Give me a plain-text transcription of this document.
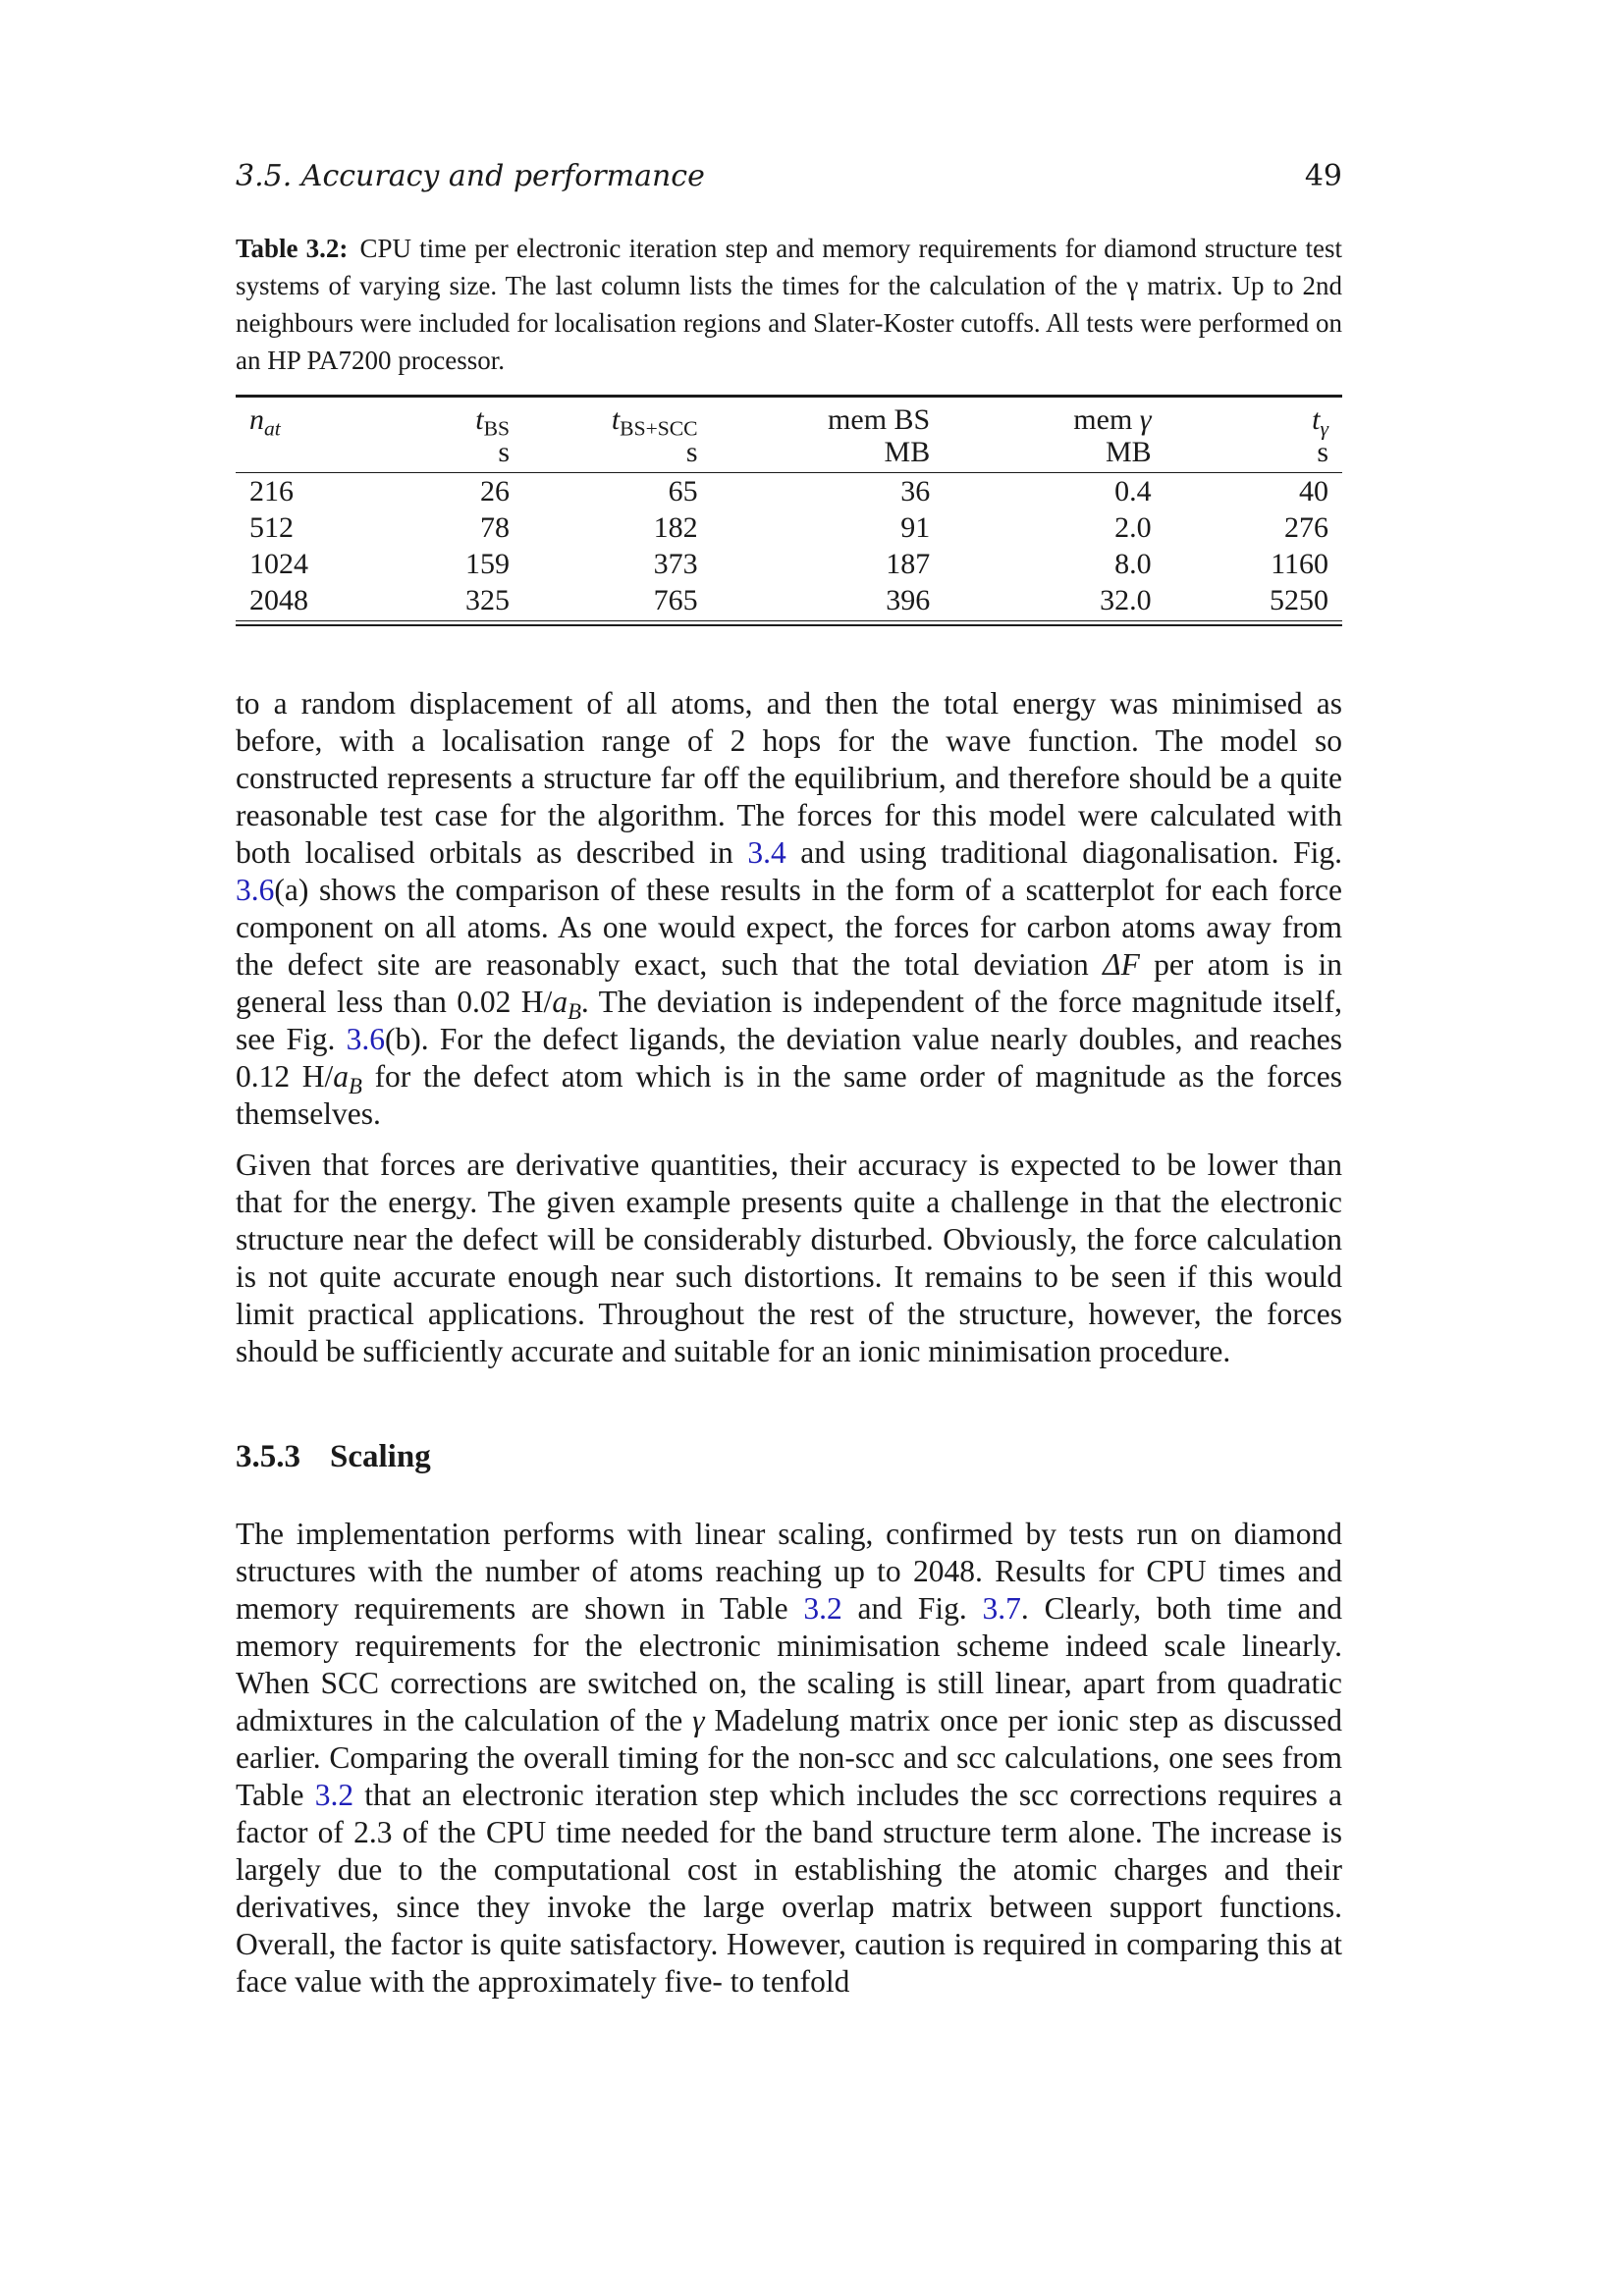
3.5. Accuracy and performance	49
Table 3.2: CPU time per electronic iteration step and memory requirements for diamond structure test systems of varying size. The last column lists the times for the calculation of the γ matrix. Up to 2nd neighbours were included for localisation regions and Slater-Koster cutoffs. All tests were performed on an HP PA7200 processor.

$n_{at}$	$t_{BS}$	$t_{BS+SCC}$	mem BS	mem γ	$t_\gamma$
	s	s	MB	MB	s
216	26	65	36	0.4	40
512	78	182	91	2.0	276
1024	159	373	187	8.0	1160
2048	325	765	396	32.0	5250

to a random displacement of all atoms, and then the total energy was minimised as before, with a localisation range of 2 hops for the wave function. The model so constructed represents a structure far off the equilibrium, and therefore should be a quite reasonable test case for the algorithm. The forces for this model were calculated with both localised orbitals as described in 3.4 and using traditional diagonalisation. Fig. 3.6(a) shows the comparison of these results in the form of a scatterplot for each force component on all atoms. As one would expect, the forces for carbon atoms away from the defect site are reasonably exact, such that the total deviation ΔF per atom is in general less than 0.02 $H/a_B$. The deviation is independent of the force magnitude itself, see Fig. 3.6(b). For the defect ligands, the deviation value nearly doubles, and reaches 0.12 $H/a_B$ for the defect atom which is in the same order of magnitude as the forces themselves.

Given that forces are derivative quantities, their accuracy is expected to be lower than that for the energy. The given example presents quite a challenge in that the electronic structure near the defect will be considerably disturbed. Obviously, the force calculation is not quite accurate enough near such distortions. It remains to be seen if this would limit practical applications. Throughout the rest of the structure, however, the forces should be sufficiently accurate and suitable for an ionic minimisation procedure.

3.5.3 Scaling

The implementation performs with linear scaling, confirmed by tests run on diamond structures with the number of atoms reaching up to 2048. Results for CPU times and memory requirements are shown in Table 3.2 and Fig. 3.7. Clearly, both time and memory requirements for the electronic minimisation scheme indeed scale linearly. When SCC corrections are switched on, the scaling is still linear, apart from quadratic admixtures in the calculation of the γ Madelung matrix once per ionic step as discussed earlier. Comparing the overall timing for the non-scc and scc calculations, one sees from Table 3.2 that an electronic iteration step which includes the scc corrections requires a factor of 2.3 of the CPU time needed for the band structure term alone. The increase is largely due to the computational cost in establishing the atomic charges and their derivatives, since they invoke the large overlap matrix between support functions. Overall, the factor is quite satisfactory. However, caution is required in comparing this at face value with the approximately five- to tenfold
